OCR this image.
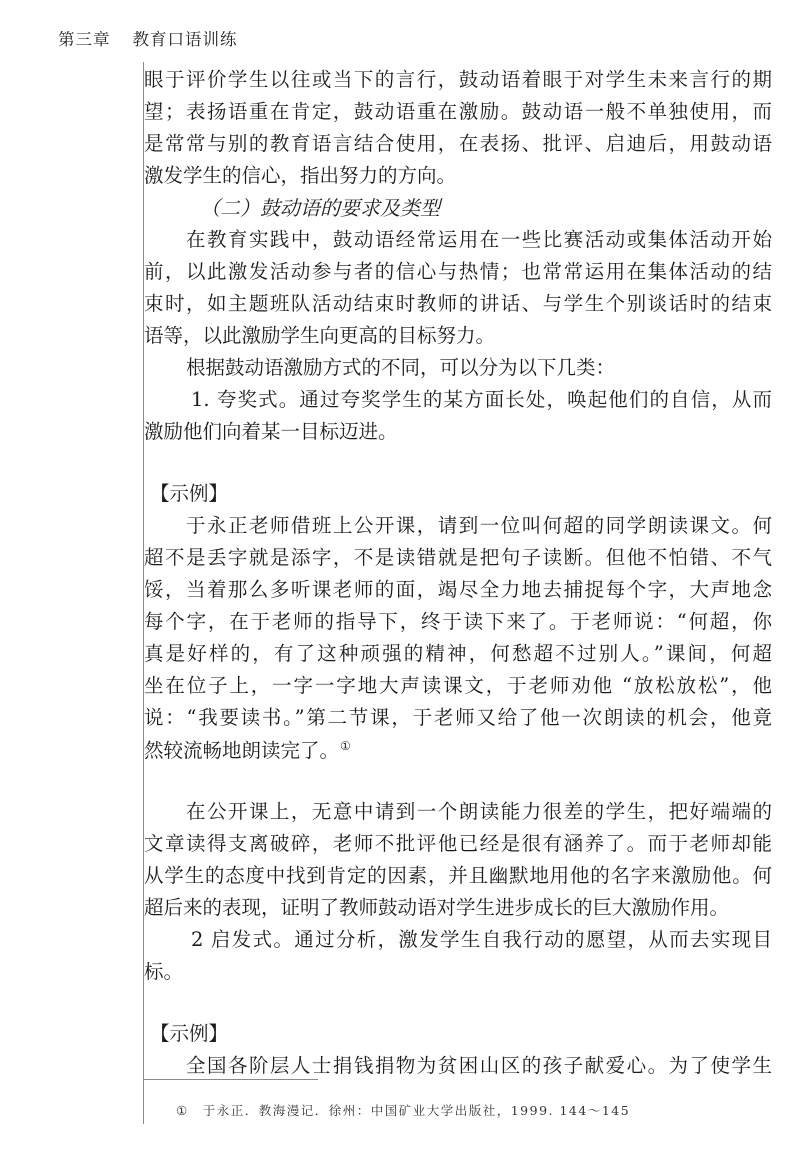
第三章 教育口语训练
眼于评价学生以往或当下的言行，鼓动语着眼于对学生未来言行的期
望；表扬语重在肯定，鼓动语重在激励。鼓动语一般不单独使用，而
是常常与别的教育语言结合使用，在表扬、批评、启迪后，用鼓动语
激发学生的信心，指出努力的方向。
（二）鼓动语的要求及类型
在教育实践中，鼓动语经常运用在一些比赛活动或集体活动开始
前，以此激发活动参与者的信心与热情；也常常运用在集体活动的结
束时，如主题班队活动结束时教师的讲话、与学生个别谈话时的结束
语等，以此激励学生向更高的目标努力。
根据鼓动语激励方式的不同，可以分为以下几类：
1. 夸奖式。通过夸奖学生的某方面长处，唤起他们的自信，从而
激励他们向着某一目标迈进。
【示例】
于永正老师借班上公开课，请到一位叫何超的同学朗读课文。何
超不是丢字就是添字，不是读错就是把句子读断。但他不怕错、不气
馁，当着那么多听课老师的面，竭尽全力地去捕捉每个字，大声地念
每个字，在于老师的指导下，终于读下来了。于老师说：“何超，你
真是好样的，有了这种顽强的精神，何愁超不过别人。”课间，何超
坐在位子上，一字一字地大声读课文，于老师劝他 “放松放松”，他
说：“我要读书。”第二节课，于老师又给了他一次朗读的机会，他竟
然较流畅地朗读完了。①
在公开课上，无意中请到一个朗读能力很差的学生，把好端端的
文章读得支离破碎，老师不批评他已经是很有涵养了。而于老师却能
从学生的态度中找到肯定的因素，并且幽默地用他的名字来激励他。何
超后来的表现，证明了教师鼓动语对学生进步成长的巨大激励作用。
2 启发式。通过分析，激发学生自我行动的愿望，从而去实现目
标。
【示例】
全国各阶层人士捐钱捐物为贫困山区的孩子献爱心。为了使学生
① 于永正．教海漫记．徐州：中国矿业大学出版社，1999. 144～145
